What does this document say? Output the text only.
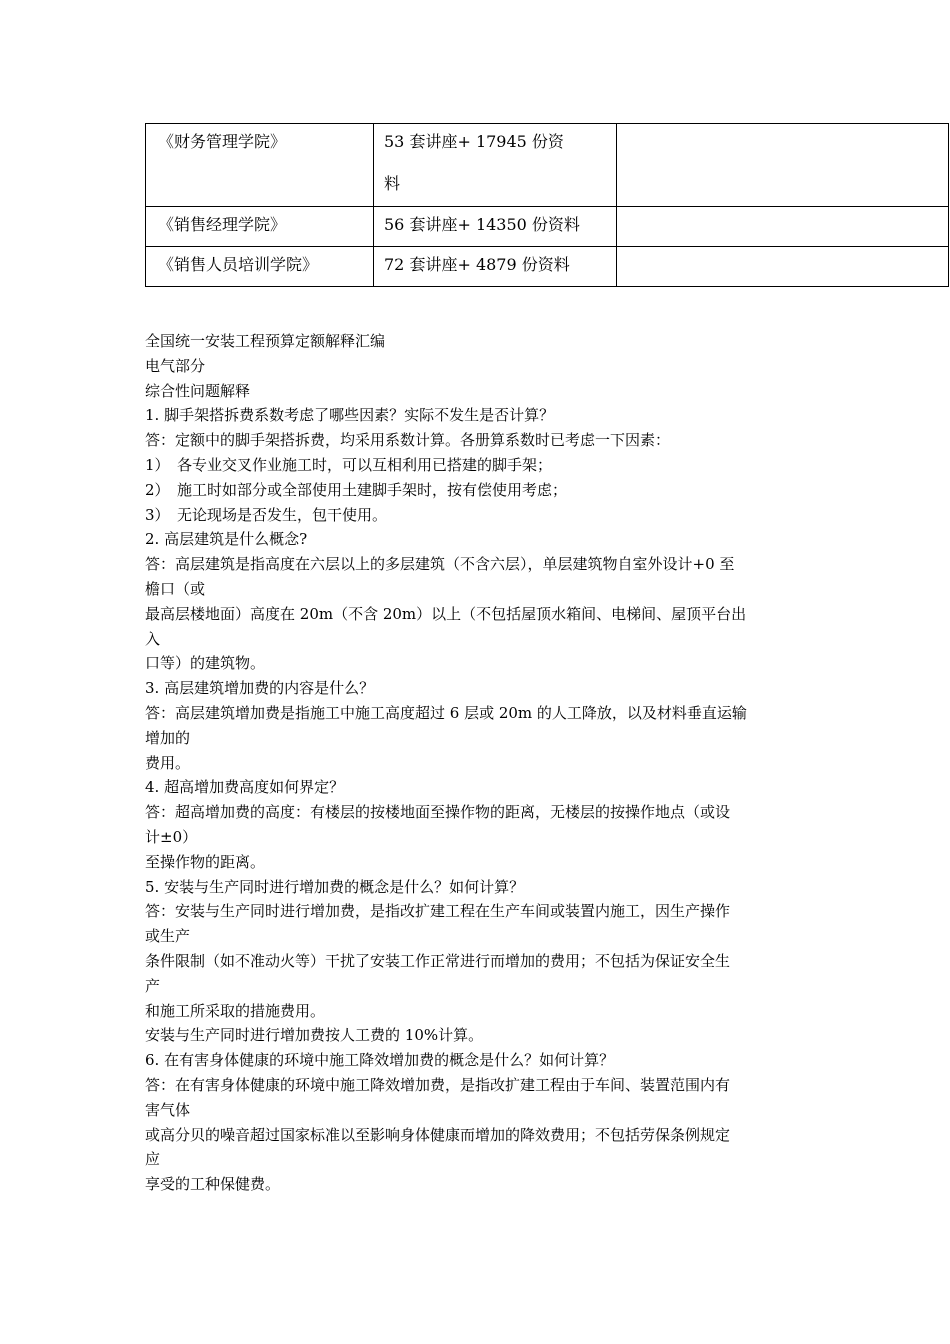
《财务管理学院》	53 套讲座+ 17945 份资
料	

《销售经理学院》	56 套讲座+ 14350 份资料	
《销售人员培训学院》	72 套讲座+ 4879 份资料	
全国统一安装工程预算定额解释汇编
电气部分
综合性问题解释
1. 脚手架搭拆费系数考虑了哪些因素？实际不发生是否计算？
答：定额中的脚手架搭拆费，均采用系数计算。各册算系数时已考虑一下因素：
1）　各专业交叉作业施工时，可以互相利用已搭建的脚手架；
2）　施工时如部分或全部使用土建脚手架时，按有偿使用考虑；
3）　无论现场是否发生，包干使用。
2. 高层建筑是什么概念?
答：高层建筑是指高度在六层以上的多层建筑（不含六层），单层建筑物自室外设计+0 至
檐口（或
最高层楼地面）高度在 20m（不含 20m）以上（不包括屋顶水箱间、电梯间、屋顶平台出
入
口等）的建筑物。
3. 高层建筑增加费的内容是什么？
答：高层建筑增加费是指施工中施工高度超过 6 层或 20m 的人工降放，以及材料垂直运输
增加的
费用。
4. 超高增加费高度如何界定？
答：超高增加费的高度：有楼层的按楼地面至操作物的距离，无楼层的按操作地点（或设
计±0）
至操作物的距离。
5. 安装与生产同时进行增加费的概念是什么？如何计算？
答：安装与生产同时进行增加费，是指改扩建工程在生产车间或装置内施工，因生产操作
或生产
条件限制（如不准动火等）干扰了安装工作正常进行而增加的费用；不包括为保证安全生
产
和施工所采取的措施费用。
安装与生产同时进行增加费按人工费的 10%计算。
6. 在有害身体健康的环境中施工降效增加费的概念是什么？如何计算？
答：在有害身体健康的环境中施工降效增加费，是指改扩建工程由于车间、装置范围内有
害气体
或高分贝的噪音超过国家标准以至影响身体健康而增加的降效费用；不包括劳保条例规定
应
享受的工种保健费。
